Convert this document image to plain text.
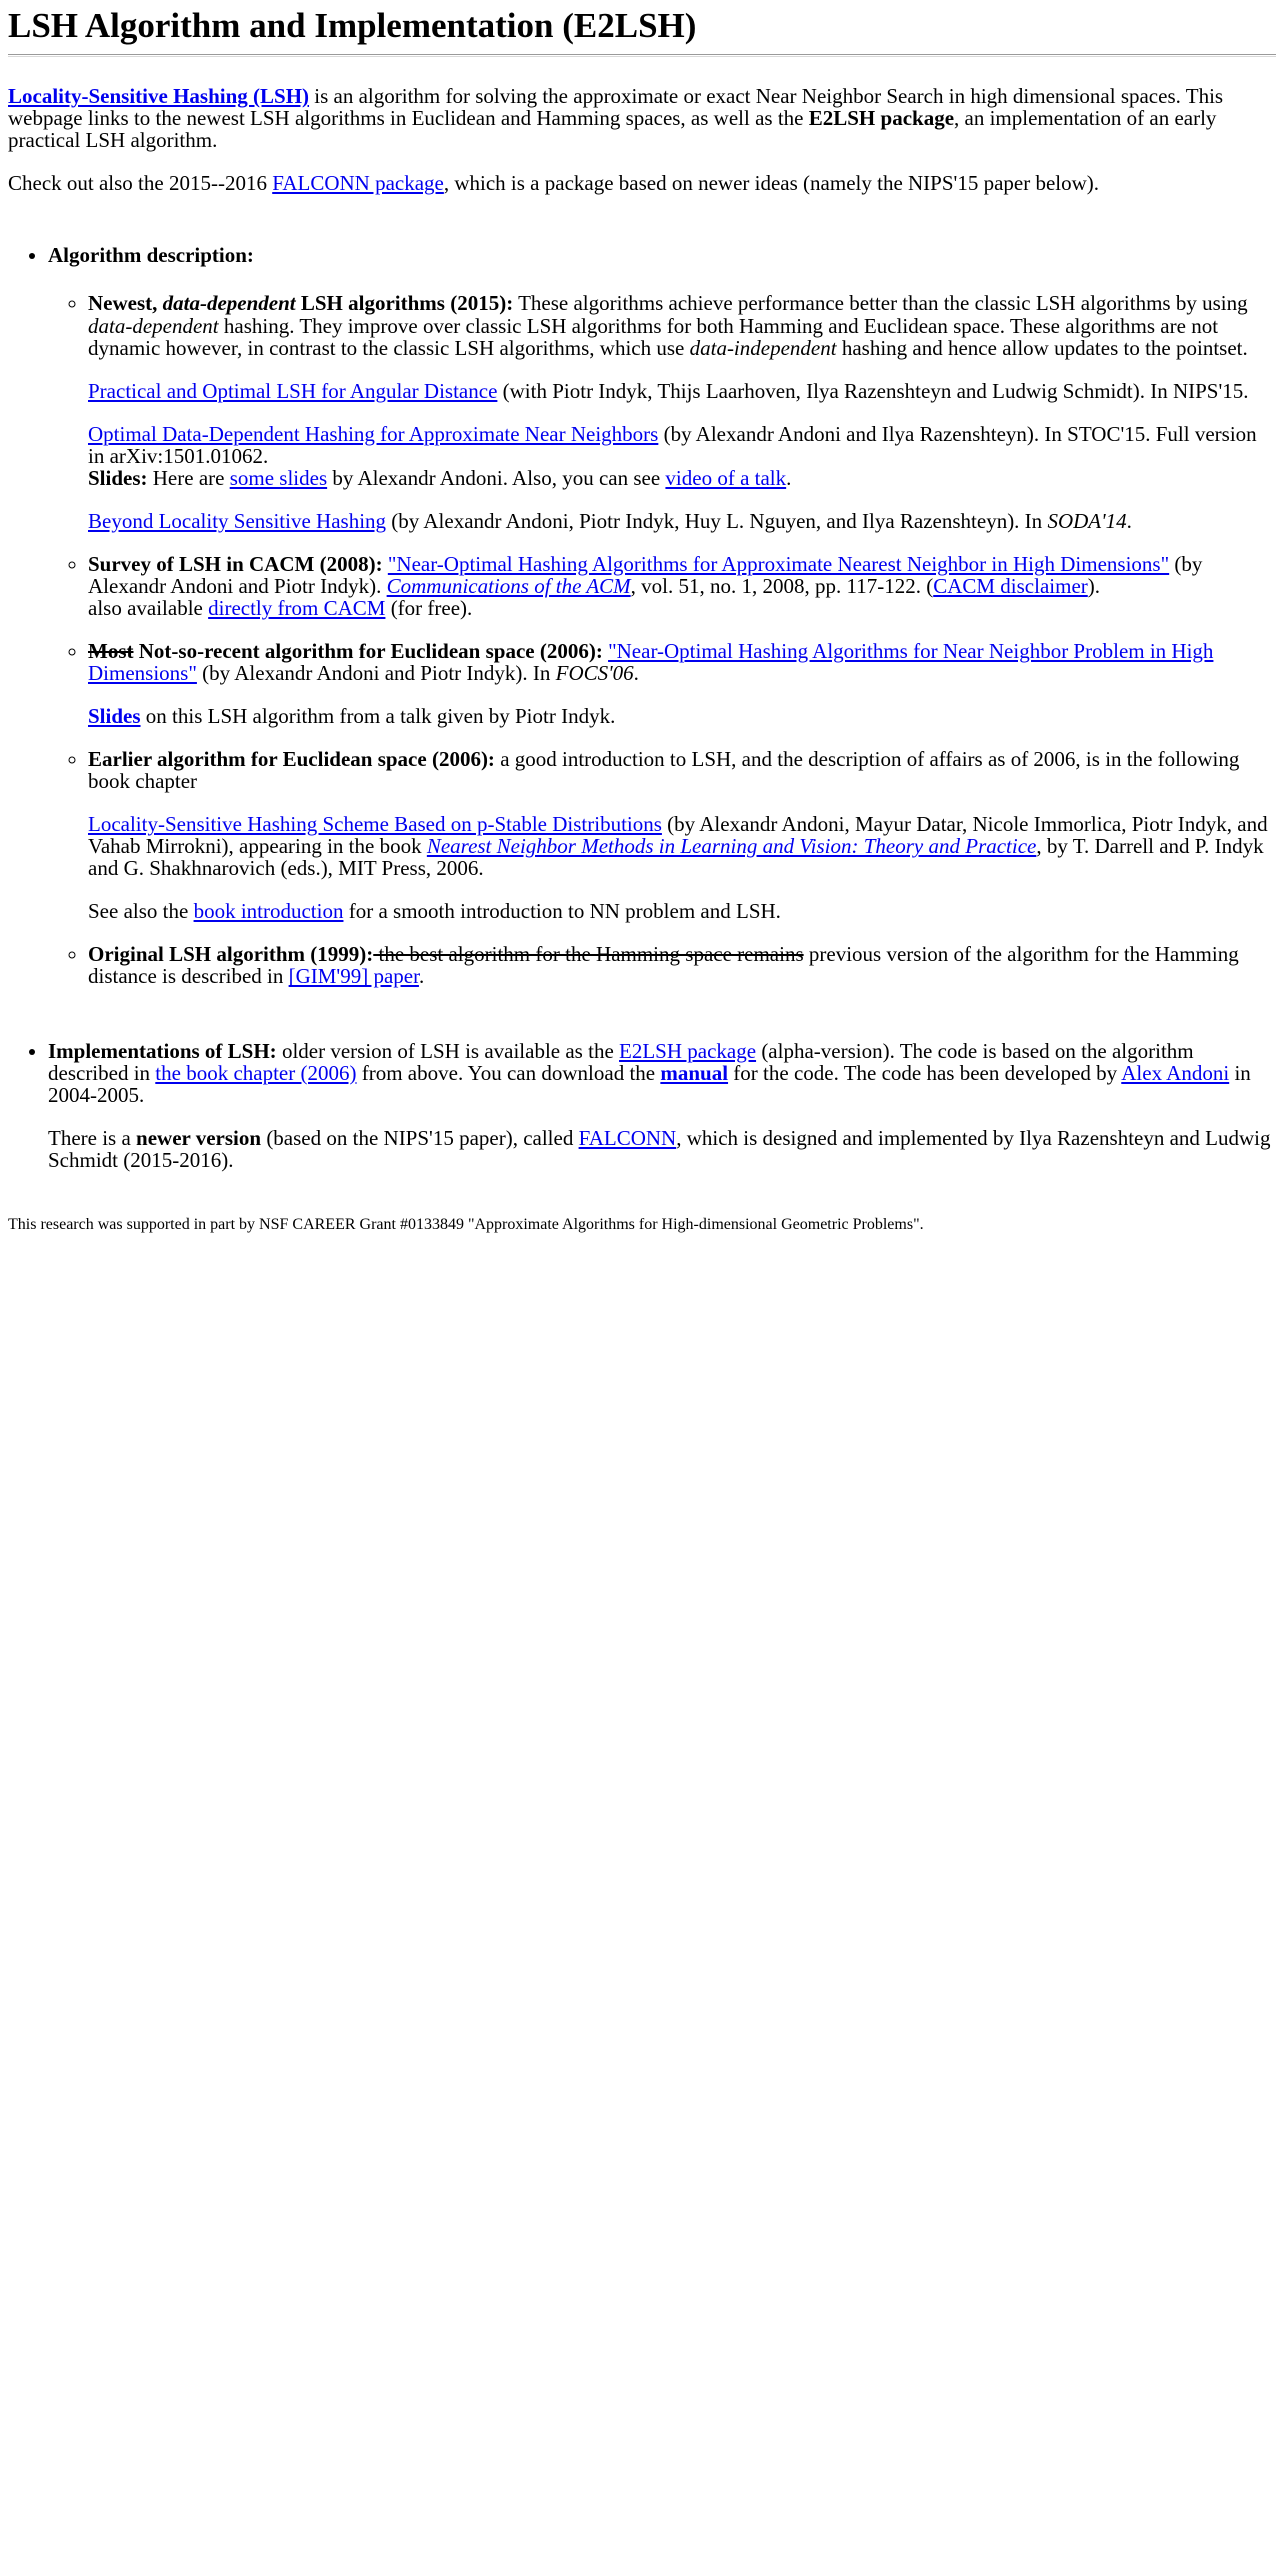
LSH Algorithm and Implementation (E2LSH)

Locality-Sensitive Hashing (LSH) is an algorithm for solving the approximate or exact Near Neighbor Search in high dimensional spaces. This webpage links to the newest LSH algorithms in Euclidean and Hamming spaces, as well as the E2LSH package, an implementation of an early practical LSH algorithm.

Check out also the 2015--2016 FALCONN package, which is a package based on newer ideas (namely the NIPS'15 paper below).

• Algorithm description:
◦ Newest, data-dependent LSH algorithms (2015): These algorithms achieve performance better than the classic LSH algorithms by using data-dependent hashing. They improve over classic LSH algorithms for both Hamming and Euclidean space. These algorithms are not dynamic however, in contrast to the classic LSH algorithms, which use data-independent hashing and hence allow updates to the pointset.
Practical and Optimal LSH for Angular Distance (with Piotr Indyk, Thijs Laarhoven, Ilya Razenshteyn and Ludwig Schmidt). In NIPS'15.
Optimal Data-Dependent Hashing for Approximate Near Neighbors (by Alexandr Andoni and Ilya Razenshteyn). In STOC'15. Full version in arXiv:1501.01062.
Slides: Here are some slides by Alexandr Andoni. Also, you can see video of a talk.
Beyond Locality Sensitive Hashing (by Alexandr Andoni, Piotr Indyk, Huy L. Nguyen, and Ilya Razenshteyn). In SODA'14.
◦ Survey of LSH in CACM (2008): "Near-Optimal Hashing Algorithms for Approximate Nearest Neighbor in High Dimensions" (by Alexandr Andoni and Piotr Indyk). Communications of the ACM, vol. 51, no. 1, 2008, pp. 117-122. (CACM disclaimer).
also available directly from CACM (for free).
◦ Most Not-so-recent algorithm for Euclidean space (2006): "Near-Optimal Hashing Algorithms for Near Neighbor Problem in High Dimensions" (by Alexandr Andoni and Piotr Indyk). In FOCS'06.
Slides on this LSH algorithm from a talk given by Piotr Indyk.
◦ Earlier algorithm for Euclidean space (2006): a good introduction to LSH, and the description of affairs as of 2006, is in the following book chapter
Locality-Sensitive Hashing Scheme Based on p-Stable Distributions (by Alexandr Andoni, Mayur Datar, Nicole Immorlica, Piotr Indyk, and Vahab Mirrokni), appearing in the book Nearest Neighbor Methods in Learning and Vision: Theory and Practice, by T. Darrell and P. Indyk and G. Shakhnarovich (eds.), MIT Press, 2006.
See also the book introduction for a smooth introduction to NN problem and LSH.
◦ Original LSH algorithm (1999): the best algorithm for the Hamming space remains previous version of the algorithm for the Hamming distance is described in [GIM'99] paper.
• Implementations of LSH: older version of LSH is available as the E2LSH package (alpha-version). The code is based on the algorithm described in the book chapter (2006) from above. You can download the manual for the code. The code has been developed by Alex Andoni in 2004-2005.
There is a newer version (based on the NIPS'15 paper), called FALCONN, which is designed and implemented by Ilya Razenshteyn and Ludwig Schmidt (2015-2016).
This research was supported in part by NSF CAREER Grant #0133849 "Approximate Algorithms for High-dimensional Geometric Problems".
